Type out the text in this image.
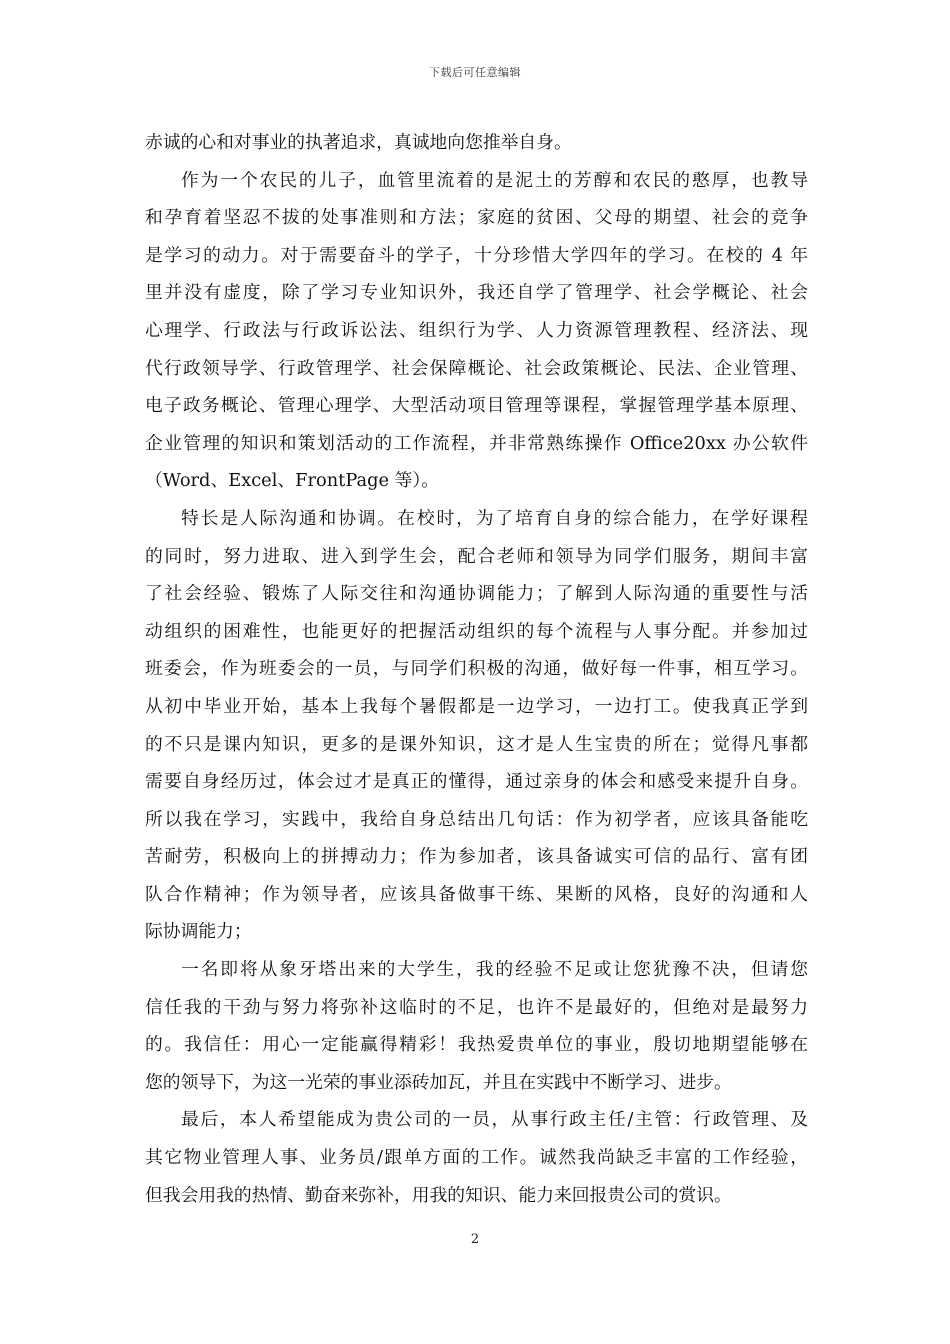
下载后可任意编辑
赤诚的心和对事业的执著追求，真诚地向您推举自身。
作为一个农民的儿子，血管里流着的是泥土的芳醇和农民的憨厚，也教导
和孕育着坚忍不拔的处事准则和方法；家庭的贫困、父母的期望、社会的竞争
是学习的动力。对于需要奋斗的学子，十分珍惜大学四年的学习。在校的 4 年
里并没有虚度，除了学习专业知识外，我还自学了管理学、社会学概论、社会
心理学、行政法与行政诉讼法、组织行为学、人力资源管理教程、经济法、现
代行政领导学、行政管理学、社会保障概论、社会政策概论、民法、企业管理、
电子政务概论、管理心理学、大型活动项目管理等课程，掌握管理学基本原理、
企业管理的知识和策划活动的工作流程，并非常熟练操作 Office20xx 办公软件
（Word、Excel、FrontPage 等）。
特长是人际沟通和协调。在校时，为了培育自身的综合能力，在学好课程
的同时，努力进取、进入到学生会，配合老师和领导为同学们服务，期间丰富
了社会经验、锻炼了人际交往和沟通协调能力；了解到人际沟通的重要性与活
动组织的困难性，也能更好的把握活动组织的每个流程与人事分配。并参加过
班委会，作为班委会的一员，与同学们积极的沟通，做好每一件事，相互学习。
从初中毕业开始，基本上我每个暑假都是一边学习，一边打工。使我真正学到
的不只是课内知识，更多的是课外知识，这才是人生宝贵的所在；觉得凡事都
需要自身经历过，体会过才是真正的懂得，通过亲身的体会和感受来提升自身。
所以我在学习，实践中，我给自身总结出几句话：作为初学者，应该具备能吃
苦耐劳，积极向上的拼搏动力；作为参加者，该具备诚实可信的品行、富有团
队合作精神；作为领导者，应该具备做事干练、果断的风格，良好的沟通和人
际协调能力；
一名即将从象牙塔出来的大学生，我的经验不足或让您犹豫不决，但请您
信任我的干劲与努力将弥补这临时的不足，也许不是最好的，但绝对是最努力
的。我信任：用心一定能赢得精彩！我热爱贵单位的事业，殷切地期望能够在
您的领导下，为这一光荣的事业添砖加瓦，并且在实践中不断学习、进步。
最后，本人希望能成为贵公司的一员，从事行政主任/主管：行政管理、及
其它物业管理人事、业务员/跟单方面的工作。诚然我尚缺乏丰富的工作经验，
但我会用我的热情、勤奋来弥补，用我的知识、能力来回报贵公司的赏识。
2
